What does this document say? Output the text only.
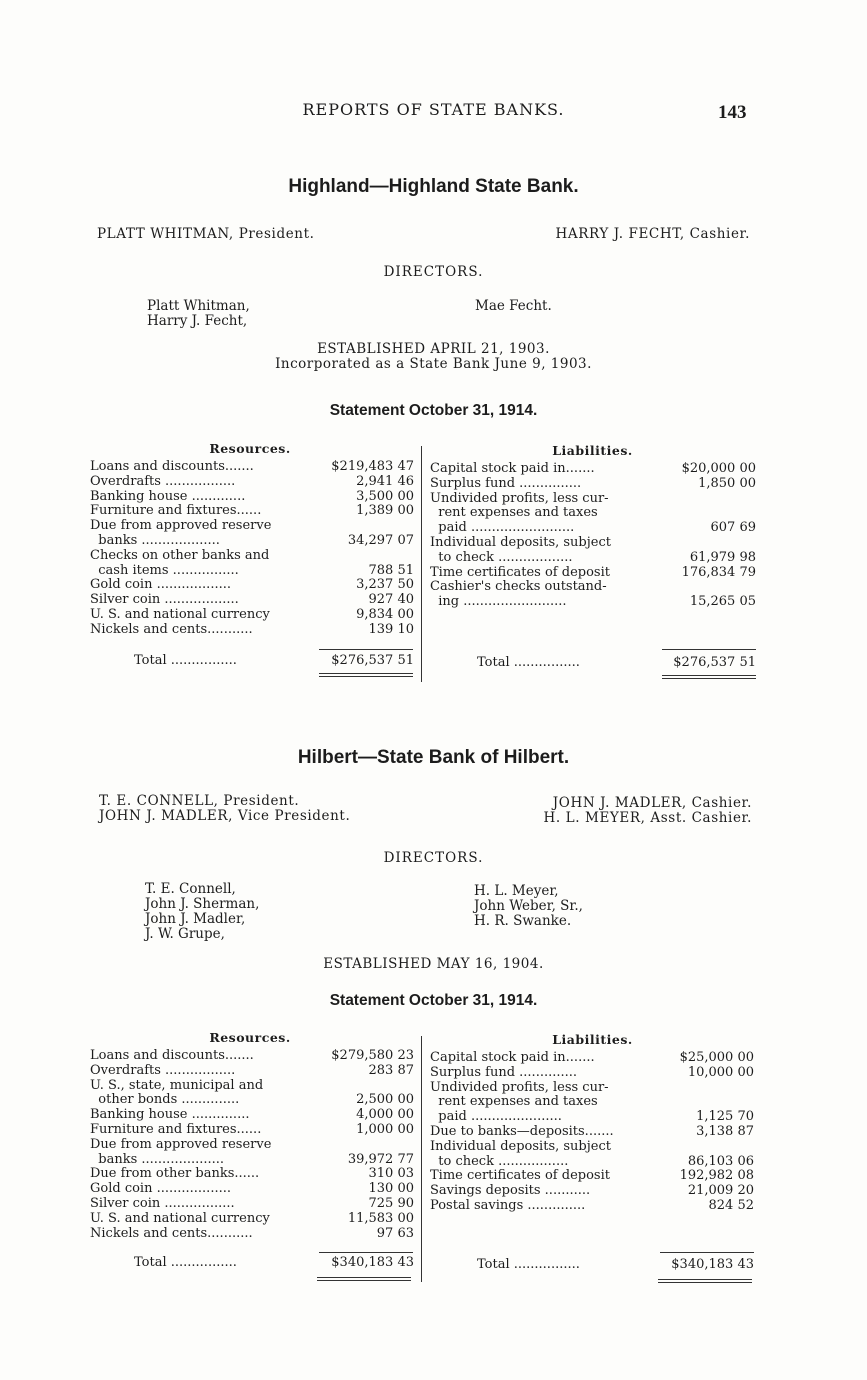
REPORTS OF STATE BANKS.	143
Highland—Highland State Bank.
PLATT WHITMAN, President.	HARRY J. FECHT, Cashier.
DIRECTORS.
Platt Whitman,
Harry J. Fecht,
Mae Fecht.
ESTABLISHED APRIL 21, 1903.
Incorporated as a State Bank June 9, 1903.
Statement October 31, 1914.
Resources.	Liabilities.
Loans and discounts.......	$219,483 47
Overdrafts .................	2,941 46
Banking house .............	3,500 00
Furniture and fixtures......	1,389 00
Due from approved reserve
banks ...................	34,297 07
Checks on other banks and
cash items ................	788 51
Gold coin ..................	3,237 50
Silver coin ..................	927 40
U. S. and national currency	9,834 00
Nickels and cents...........	139 10
Capital stock paid in.......	$20,000 00
Surplus fund ...............	1,850 00
Undivided profits, less cur-
rent expenses and taxes
paid .........................	607 69
Individual deposits, subject
to check ..................	61,979 98
Time certificates of deposit	176,834 79
Cashier's checks outstand-
ing .........................	15,265 05
Total ................	$276,537 51	Total ................	$276,537 51
Hilbert—State Bank of Hilbert.
T. E. CONNELL, President.
JOHN J. MADLER, Vice President.
JOHN J. MADLER, Cashier.
H. L. MEYER, Asst. Cashier.
DIRECTORS.
T. E. Connell,
John J. Sherman,
John J. Madler,
J. W. Grupe,
H. L. Meyer,
John Weber, Sr.,
H. R. Swanke.
ESTABLISHED MAY 16, 1904.
Statement October 31, 1914.
Resources.	Liabilities.
Loans and discounts.......	$279,580 23
Overdrafts .................	283 87
U. S., state, municipal and
other bonds ..............	2,500 00
Banking house ..............	4,000 00
Furniture and fixtures......	1,000 00
Due from approved reserve
banks ....................	39,972 77
Due from other banks......	310 03
Gold coin ..................	130 00
Silver coin .................	725 90
U. S. and national currency	11,583 00
Nickels and cents...........	97 63
Capital stock paid in.......	$25,000 00
Surplus fund ..............	10,000 00
Undivided profits, less cur-
rent expenses and taxes
paid ......................	1,125 70
Due to banks—deposits.......	3,138 87
Individual deposits, subject
to check .................	86,103 06
Time certificates of deposit	192,982 08
Savings deposits ...........	21,009 20
Postal savings ..............	824 52
Total ................	$340,183 43	Total ................	$340,183 43
